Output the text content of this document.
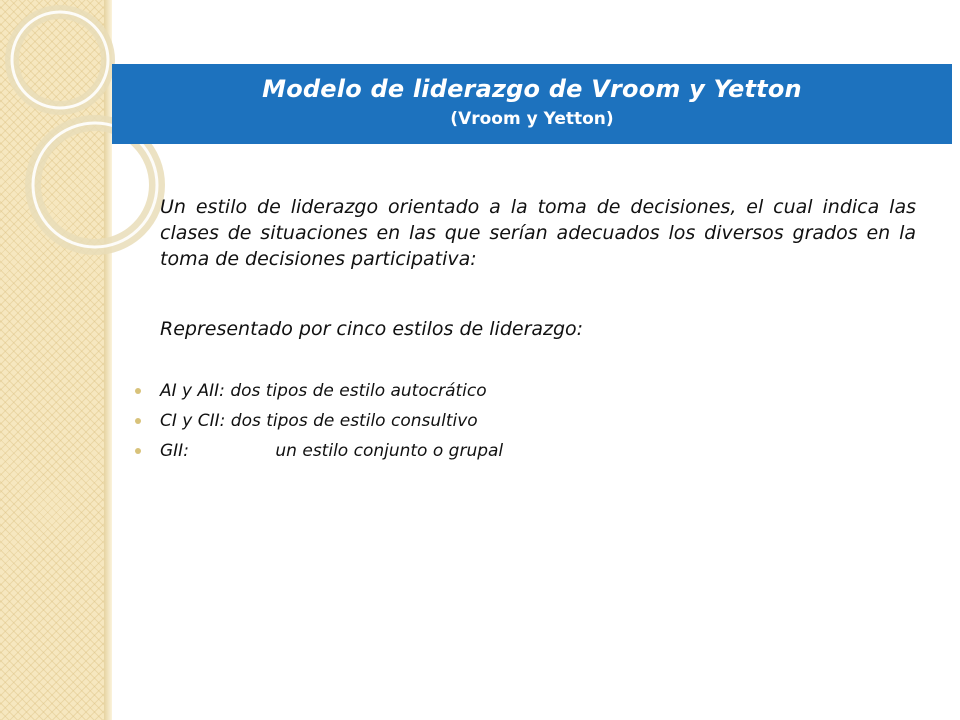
Modelo de liderazgo de Vroom y Yetton
(Vroom y Yetton)

Un estilo de liderazgo orientado a la toma de decisiones, el cual indica las clases de situaciones en las que serían adecuados los diversos grados en la toma de decisiones participativa:

Representado por cinco estilos de liderazgo:

AI y AII: dos tipos de estilo autocrático
CI y CII: dos tipos de estilo consultivo
GII:	un estilo conjunto o grupal
